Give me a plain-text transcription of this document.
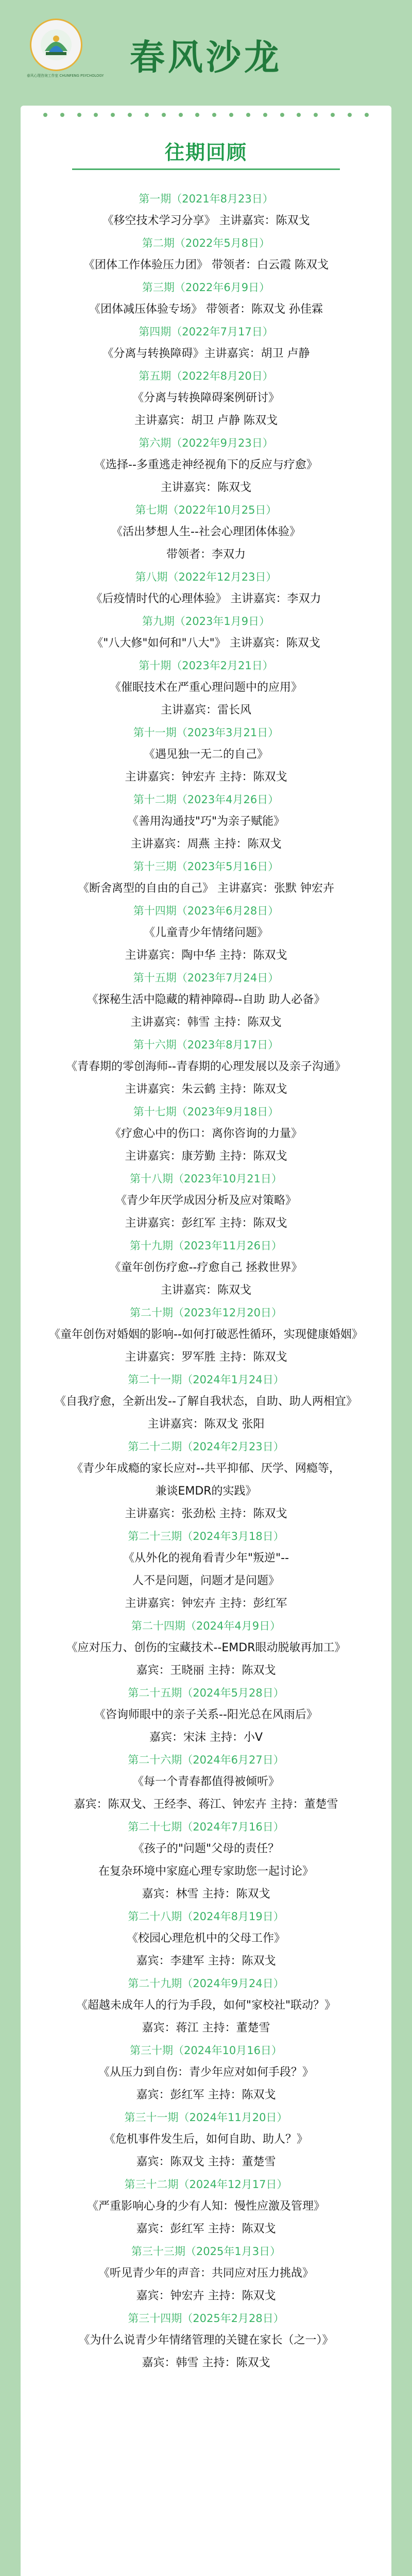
春风心理咨询工作室 CHUNFENG PSYCHOLOGY 春风沙龙
往期回顾
第一期（2021年8月23日）
《移空技术学习分享》 主讲嘉宾：陈双戈
第二期（2022年5月8日）
《团体工作体验压力团》 带领者：白云霞 陈双戈
第三期（2022年6月9日）
《团体减压体验专场》 带领者：陈双戈 孙佳霖
第四期（2022年7月17日）
《分离与转换障碍》主讲嘉宾：胡卫 卢静
第五期（2022年8月20日）
《分离与转换障碍案例研讨》
主讲嘉宾：胡卫 卢静 陈双戈
第六期（2022年9月23日）
《选择--多重逃走神经视角下的反应与疗愈》
主讲嘉宾：陈双戈
第七期（2022年10月25日）
《活出梦想人生--社会心理团体体验》
带领者：李双力
第八期（2022年12月23日）
《后疫情时代的心理体验》 主讲嘉宾：李双力
第九期（2023年1月9日）
《"八大修"如何和"八大"》 主讲嘉宾：陈双戈
第十期（2023年2月21日）
《催眠技术在严重心理问题中的应用》
主讲嘉宾：雷长风
第十一期（2023年3月21日）
《遇见独一无二的自己》
主讲嘉宾：钟宏卉 主持：陈双戈
第十二期（2023年4月26日）
《善用沟通技"巧"为亲子赋能》
主讲嘉宾：周燕 主持：陈双戈
第十三期（2023年5月16日）
《断舍离型的自由的自己》 主讲嘉宾：张默 钟宏卉
第十四期（2023年6月28日）
《儿童青少年情绪问题》
主讲嘉宾：陶中华 主持：陈双戈
第十五期（2023年7月24日）
《探秘生活中隐藏的精神障碍--自助 助人必备》
主讲嘉宾：韩雪 主持：陈双戈
第十六期（2023年8月17日）
《青春期的零创海师--青春期的心理发展以及亲子沟通》
主讲嘉宾：朱云鹤 主持：陈双戈
第十七期（2023年9月18日）
《疗愈心中的伤口：离你咨询的力量》
主讲嘉宾：康芳勤 主持：陈双戈
第十八期（2023年10月21日）
《青少年厌学成因分析及应对策略》
主讲嘉宾：彭红军 主持：陈双戈
第十九期（2023年11月26日）
《童年创伤疗愈--疗愈自己 拯救世界》
主讲嘉宾：陈双戈
第二十期（2023年12月20日）
《童年创伤对婚姻的影响--如何打破恶性循环，实现健康婚姻》
主讲嘉宾：罗军胜 主持：陈双戈
第二十一期（2024年1月24日）
《自我疗愈，全新出发--了解自我状态，自助、助人两相宜》
主讲嘉宾：陈双戈 张阳
第二十二期（2024年2月23日）
《青少年成瘾的家长应对--共平抑郁、厌学、网瘾等，
兼谈EMDR的实践》
主讲嘉宾：张劲松 主持：陈双戈
第二十三期（2024年3月18日）
《从外化的视角看青少年"叛逆"--
人不是问题，问题才是问题》
主讲嘉宾：钟宏卉 主持：彭红军
第二十四期（2024年4月9日）
《应对压力、创伤的宝藏技术--EMDR眼动脱敏再加工》
嘉宾：王晓丽 主持：陈双戈
第二十五期（2024年5月28日）
《咨询师眼中的亲子关系--阳光总在风雨后》
嘉宾：宋沫 主持：小V
第二十六期（2024年6月27日）
《每一个青春都值得被倾听》
嘉宾：陈双戈、王经李、蒋江、钟宏卉 主持：董楚雪
第二十七期（2024年7月16日）
《孩子的"问题"父母的责任？
在复杂环境中家庭心理专家助您一起讨论》
嘉宾：林雪 主持：陈双戈
第二十八期（2024年8月19日）
《校园心理危机中的父母工作》
嘉宾：李建军 主持：陈双戈
第二十九期（2024年9月24日）
《超越未成年人的行为手段，如何"家校社"联动？》
嘉宾：蒋江 主持：董楚雪
第三十期（2024年10月16日）
《从压力到自伤：青少年应对如何手段？》
嘉宾：彭红军 主持：陈双戈
第三十一期（2024年11月20日）
《危机事件发生后，如何自助、助人？》
嘉宾：陈双戈 主持：董楚雪
第三十二期（2024年12月17日）
《严重影响心身的少有人知：慢性应激及管理》
嘉宾：彭红军 主持：陈双戈
第三十三期（2025年1月3日）
《听见青少年的声音：共同应对压力挑战》
嘉宾：钟宏卉 主持：陈双戈
第三十四期（2025年2月28日）
《为什么说青少年情绪管理的关键在家长（之一）》
嘉宾：韩雪 主持：陈双戈
